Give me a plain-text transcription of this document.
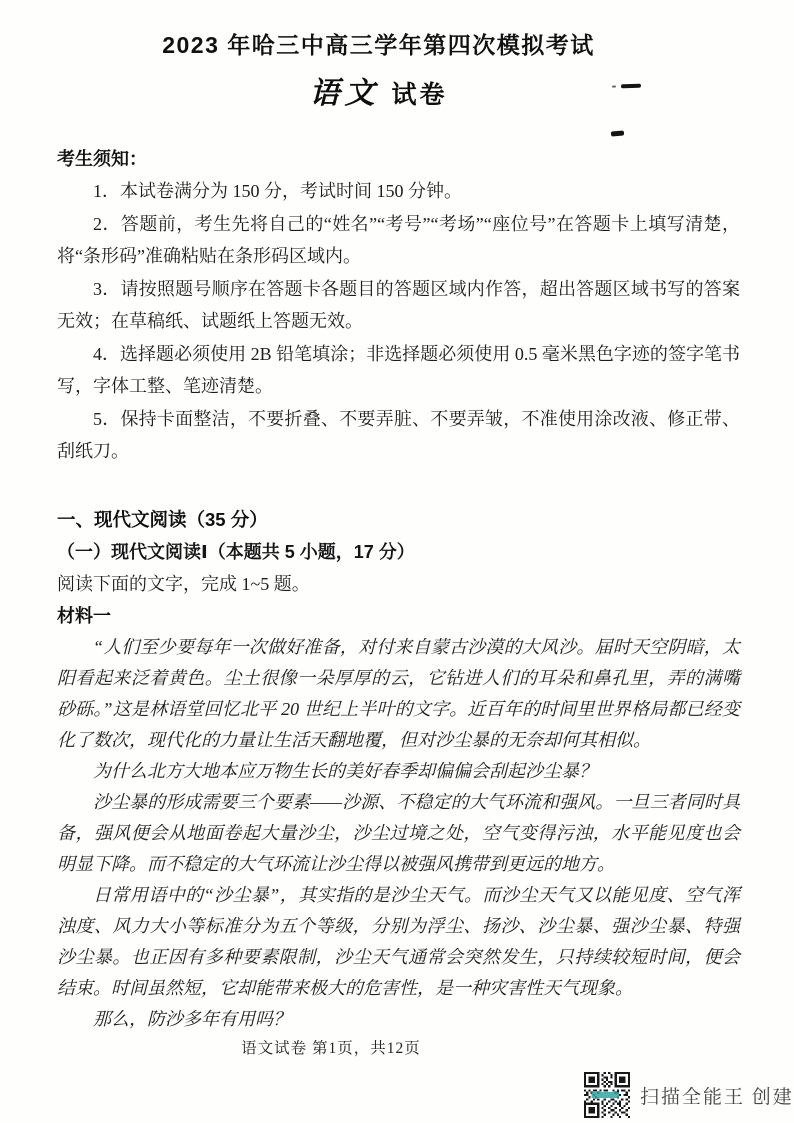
2023 年哈三中高三学年第四次模拟考试
语文 试卷
考生须知：

1．本试卷满分为 150 分，考试时间 150 分钟。

2．答题前，考生先将自己的“姓名”“考号”“考场”“座位号”在答题卡上填写清楚，将“条形码”准确粘贴在条形码区域内。

3．请按照题号顺序在答题卡各题目的答题区域内作答，超出答题区域书写的答案无效；在草稿纸、试题纸上答题无效。

4．选择题必须使用 2B 铅笔填涂；非选择题必须使用 0.5 毫米黑色字迹的签字笔书写，字体工整、笔迹清楚。

5．保持卡面整洁，不要折叠、不要弄脏、不要弄皱，不准使用涂改液、修正带、刮纸刀。

一、现代文阅读（35 分）
（一）现代文阅读Ⅰ（本题共 5 小题，17 分）
阅读下面的文字，完成 1~5 题。
材料一

“人们至少要每年一次做好准备，对付来自蒙古沙漠的大风沙。届时天空阴暗，太阳看起来泛着黄色。尘土很像一朵厚厚的云，它钻进人们的耳朵和鼻孔里，弄的满嘴砂砾。”这是林语堂回忆北平 20 世纪上半叶的文字。近百年的时间里世界格局都已经变化了数次，现代化的力量让生活天翻地覆，但对沙尘暴的无奈却何其相似。

为什么北方大地本应万物生长的美好春季却偏偏会刮起沙尘暴？

沙尘暴的形成需要三个要素——沙源、不稳定的大气环流和强风。一旦三者同时具备，强风便会从地面卷起大量沙尘，沙尘过境之处，空气变得污浊，水平能见度也会明显下降。而不稳定的大气环流让沙尘得以被强风携带到更远的地方。

日常用语中的“沙尘暴”，其实指的是沙尘天气。而沙尘天气又以能见度、空气浑浊度、风力大小等标准分为五个等级，分别为浮尘、扬沙、沙尘暴、强沙尘暴、特强沙尘暴。也正因有多种要素限制，沙尘天气通常会突然发生，只持续较短时间，便会结束。时间虽然短，它却能带来极大的危害性，是一种灾害性天气现象。

那么，防沙多年有用吗？

语文试卷 第1页，共12页
扫描全能王 创建
